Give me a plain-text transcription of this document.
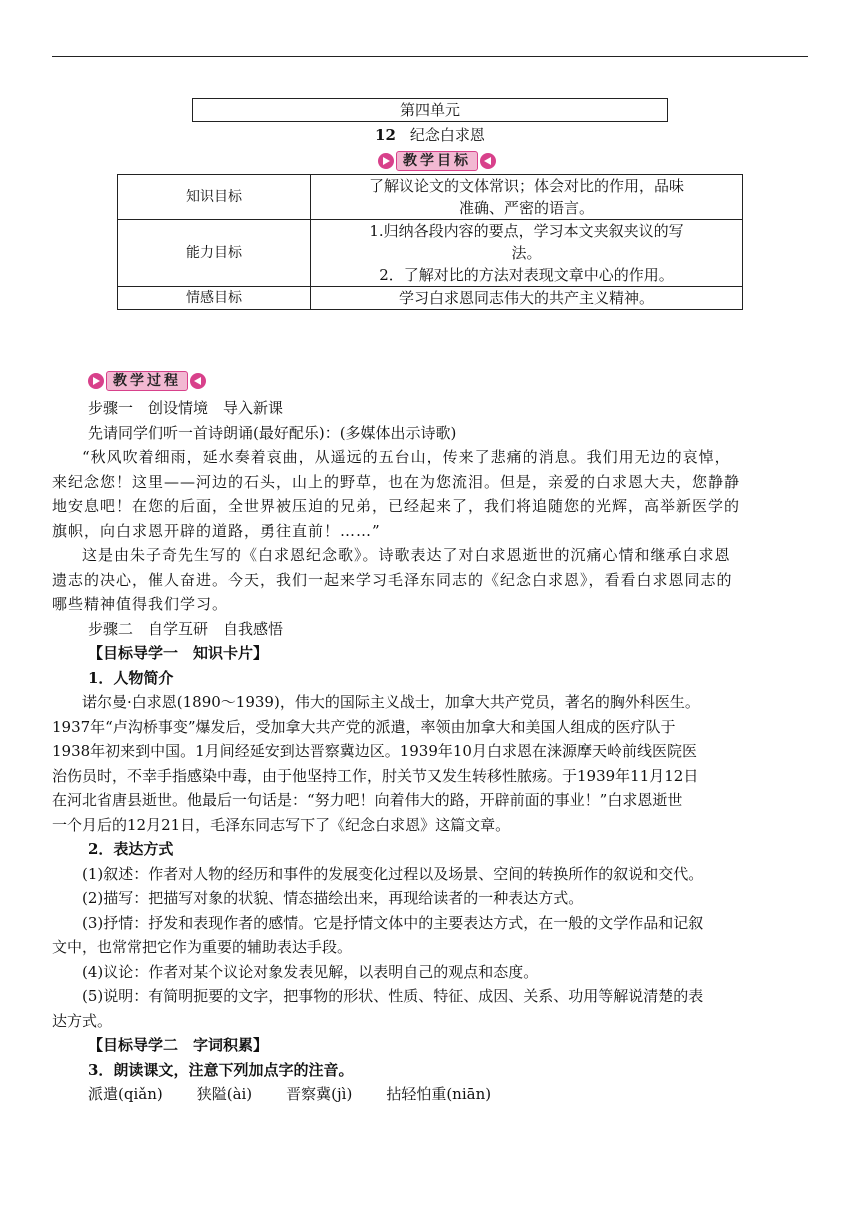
第四单元
12 纪念白求恩
教学目标
知识目标	了解议论文的文体常识；体会对比的作用，品味
准确、严密的语言。

能力目标	1.归纳各段内容的要点，学习本文夹叙夹议的写
法。
2．了解对比的方法对表现文章中心的作用。

情感目标	学习白求恩同志伟大的共产主义精神。
教学过程

步骤一　创设情境　导入新课

先请同学们听一首诗朗诵(最好配乐)：(多媒体出示诗歌)

“秋风吹着细雨，延水奏着哀曲，从遥远的五台山，传来了悲痛的消息。我们用无边的哀悼，

来纪念您！这里——河边的石头，山上的野草，也在为您流泪。但是，亲爱的白求恩大夫，您静静

地安息吧！在您的后面，全世界被压迫的兄弟，已经起来了，我们将追随您的光辉，高举新医学的

旗帜，向白求恩开辟的道路，勇往直前！……”

这是由朱子奇先生写的《白求恩纪念歌》。诗歌表达了对白求恩逝世的沉痛心情和继承白求恩

遗志的决心，催人奋进。今天，我们一起来学习毛泽东同志的《纪念白求恩》，看看白求恩同志的

哪些精神值得我们学习。

步骤二　自学互研　自我感悟

【目标导学一　知识卡片】

1．人物简介

诺尔曼·白求恩(1890～1939)，伟大的国际主义战士，加拿大共产党员，著名的胸外科医生。

1937年“卢沟桥事变”爆发后，受加拿大共产党的派遣，率领由加拿大和美国人组成的医疗队于

1938年初来到中国。1月间经延安到达晋察冀边区。1939年10月白求恩在涞源摩天岭前线医院医

治伤员时，不幸手指感染中毒，由于他坚持工作，肘关节又发生转移性脓疡。于1939年11月12日

在河北省唐县逝世。他最后一句话是：“努力吧！向着伟大的路，开辟前面的事业！”白求恩逝世

一个月后的12月21日，毛泽东同志写下了《纪念白求恩》这篇文章。

2．表达方式

(1)叙述：作者对人物的经历和事件的发展变化过程以及场景、空间的转换所作的叙说和交代。

(2)描写：把描写对象的状貌、情态描绘出来，再现给读者的一种表达方式。

(3)抒情：抒发和表现作者的感情。它是抒情文体中的主要表达方式，在一般的文学作品和记叙

文中，也常常把它作为重要的辅助表达手段。

(4)议论：作者对某个议论对象发表见解，以表明自己的观点和态度。

(5)说明：有简明扼要的文字，把事物的形状、性质、特征、成因、关系、功用等解说清楚的表

达方式。

【目标导学二　字词积累】

3．朗读课文，注意下列加点字的注音。

派遣(qiǎn) 狭隘(ài) 晋察冀(jì) 拈轻怕重(niān)
